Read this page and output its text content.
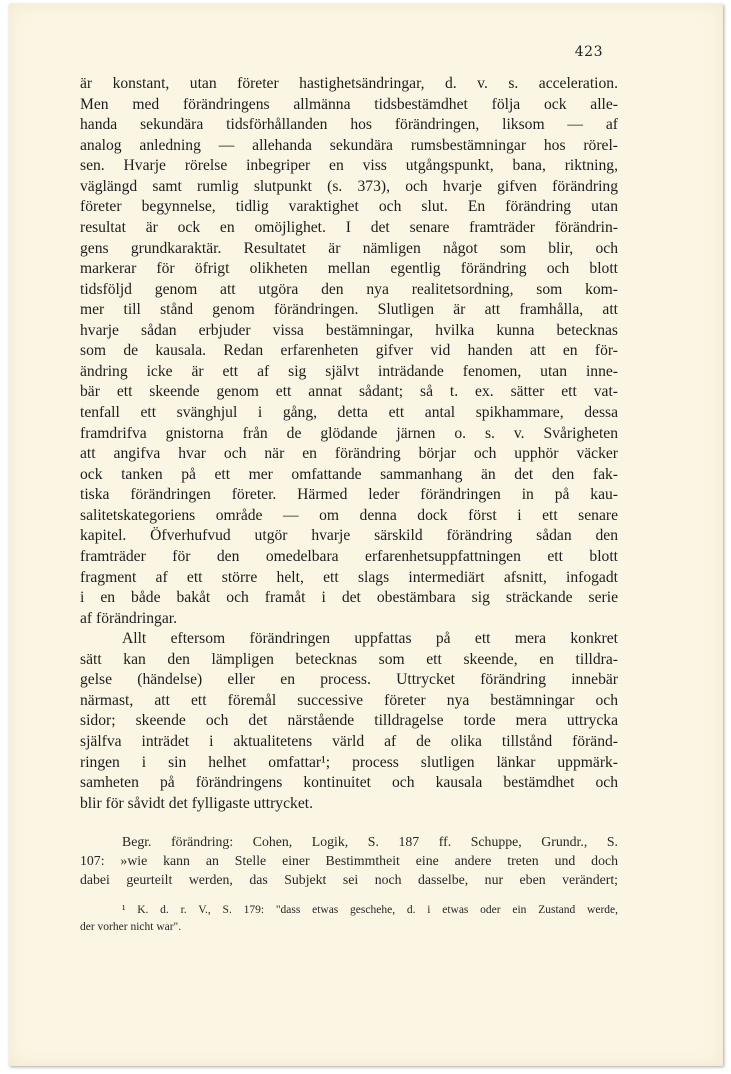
423
är konstant, utan företer hastighetsändringar, d. v. s. acceleration.
Men med förändringens allmänna tidsbestämdhet följa ock alle-
handa sekundära tidsförhållanden hos förändringen, liksom — af
analog anledning — allehanda sekundära rumsbestämningar hos rörel-
sen. Hvarje rörelse inbegriper en viss utgångspunkt, bana, riktning,
väglängd samt rumlig slutpunkt (s. 373), och hvarje gifven förändring
företer begynnelse, tidlig varaktighet och slut. En förändring utan
resultat är ock en omöjlighet. I det senare framträder förändrin-
gens grundkaraktär. Resultatet är nämligen något som blir, och
markerar för öfrigt olikheten mellan egentlig förändring och blott
tidsföljd genom att utgöra den nya realitetsordning, som kom-
mer till stånd genom förändringen. Slutligen är att framhålla, att
hvarje sådan erbjuder vissa bestämningar, hvilka kunna betecknas
som de kausala. Redan erfarenheten gifver vid handen att en för-
ändring icke är ett af sig självt inträdande fenomen, utan inne-
bär ett skeende genom ett annat sådant; så t. ex. sätter ett vat-
tenfall ett svänghjul i gång, detta ett antal spikhammare, dessa
framdrifva gnistorna från de glödande järnen o. s. v. Svårigheten
att angifva hvar och när en förändring börjar och upphör väcker
ock tanken på ett mer omfattande sammanhang än det den fak-
tiska förändringen företer. Härmed leder förändringen in på kau-
salitetskategoriens område — om denna dock först i ett senare
kapitel. Öfverhufvud utgör hvarje särskild förändring sådan den
framträder för den omedelbara erfarenhetsuppfattningen ett blott
fragment af ett större helt, ett slags intermediärt afsnitt, infogadt
i en både bakåt och framåt i det obestämbara sig sträckande serie
af förändringar.
Allt eftersom förändringen uppfattas på ett mera konkret
sätt kan den lämpligen betecknas som ett skeende, en tilldra-
gelse (händelse) eller en process. Uttrycket förändring innebär
närmast, att ett föremål successive företer nya bestämningar och
sidor; skeende och det närstående tilldragelse torde mera uttrycka
själfva inträdet i aktualitetens värld af de olika tillstånd föränd-
ringen i sin helhet omfattar¹; process slutligen länkar uppmärk-
samheten på förändringens kontinuitet och kausala bestämdhet och
blir för såvidt det fylligaste uttrycket.
Begr. förändring: Cohen, Logik, S. 187 ff. Schuppe, Grundr., S.
107: »wie kann an Stelle einer Bestimmtheit eine andere treten und doch
dabei geurteilt werden, das Subjekt sei noch dasselbe, nur eben verändert;
¹ K. d. r. V., S. 179: "dass etwas geschehe, d. i etwas oder ein Zustand werde,
der vorher nicht war".
